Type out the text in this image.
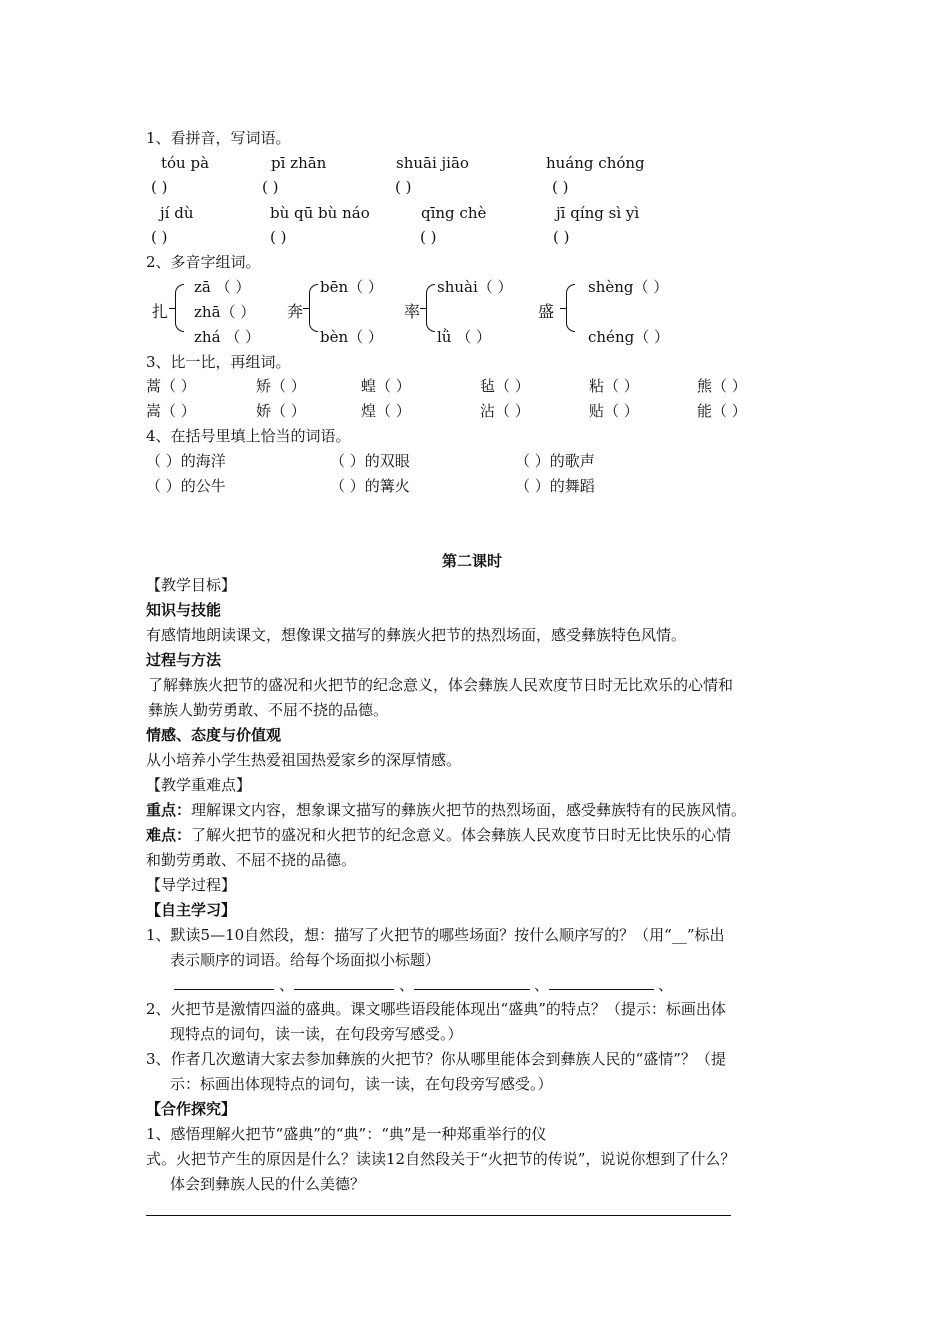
1、看拼音，写词语。
tóu pà	pī zhān	shuāi jiāo	huáng chóng
( )	( )	( )	( )
jí dù	bù qū bù náo	qīng chè	jī qíng sì yì
( )	( )	( )	( )
2、多音字组词。
扎
zā （ ）
zhā（ ）
zhá （ ）
奔
bēn（ ）
bèn（ ）
率
shuài（ ）
lǜ （ ）
盛
shèng（ ）
chéng（ ）
3、比一比，再组词。
蒿（ ）	矫（ ）	蝗（ ）	毡（ ）	粘（ ）	熊（ ）
嵩（ ）	娇（ ）	煌（ ）	沾（ ）	贴（ ）	能（ ）
4、在括号里填上恰当的词语。
（ ）的海洋	（ ）的双眼	（ ）的歌声
（ ）的公牛	（ ）的篝火	（ ）的舞蹈
第二课时
【教学目标】
知识与技能
有感情地朗读课文，想像课文描写的彝族火把节的热烈场面，感受彝族特色风情。
过程与方法
了解彝族火把节的盛况和火把节的纪念意义，体会彝族人民欢度节日时无比欢乐的心情和
彝族人勤劳勇敢、不屈不挠的品德。
情感、态度与价值观
从小培养小学生热爱祖国热爱家乡的深厚情感。
【教学重难点】
重点：理解课文内容，想象课文描写的彝族火把节的热烈场面，感受彝族特有的民族风情。
难点：了解火把节的盛况和火把节的纪念意义。体会彝族人民欢度节日时无比快乐的心情
和勤劳勇敢、不屈不挠的品德。
【导学过程】
【自主学习】
1、默读5—10自然段，想：描写了火把节的哪些场面？按什么顺序写的？（用“__”标出
表示顺序的词语。给每个场面拟小标题）
、	、	、	、
2、火把节是激情四溢的盛典。课文哪些语段能体现出“盛典”的特点？（提示：标画出体
现特点的词句，读一读，在句段旁写感受。）
3、作者几次邀请大家去参加彝族的火把节？你从哪里能体会到彝族人民的“盛情”？（提
示：标画出体现特点的词句，读一读，在句段旁写感受。）
【合作探究】
1、感悟理解火把节“盛典”的“典”：“典”是一种郑重举行的仪
式。火把节产生的原因是什么？读读12自然段关于“火把节的传说”，说说你想到了什么？
体会到彝族人民的什么美德？
